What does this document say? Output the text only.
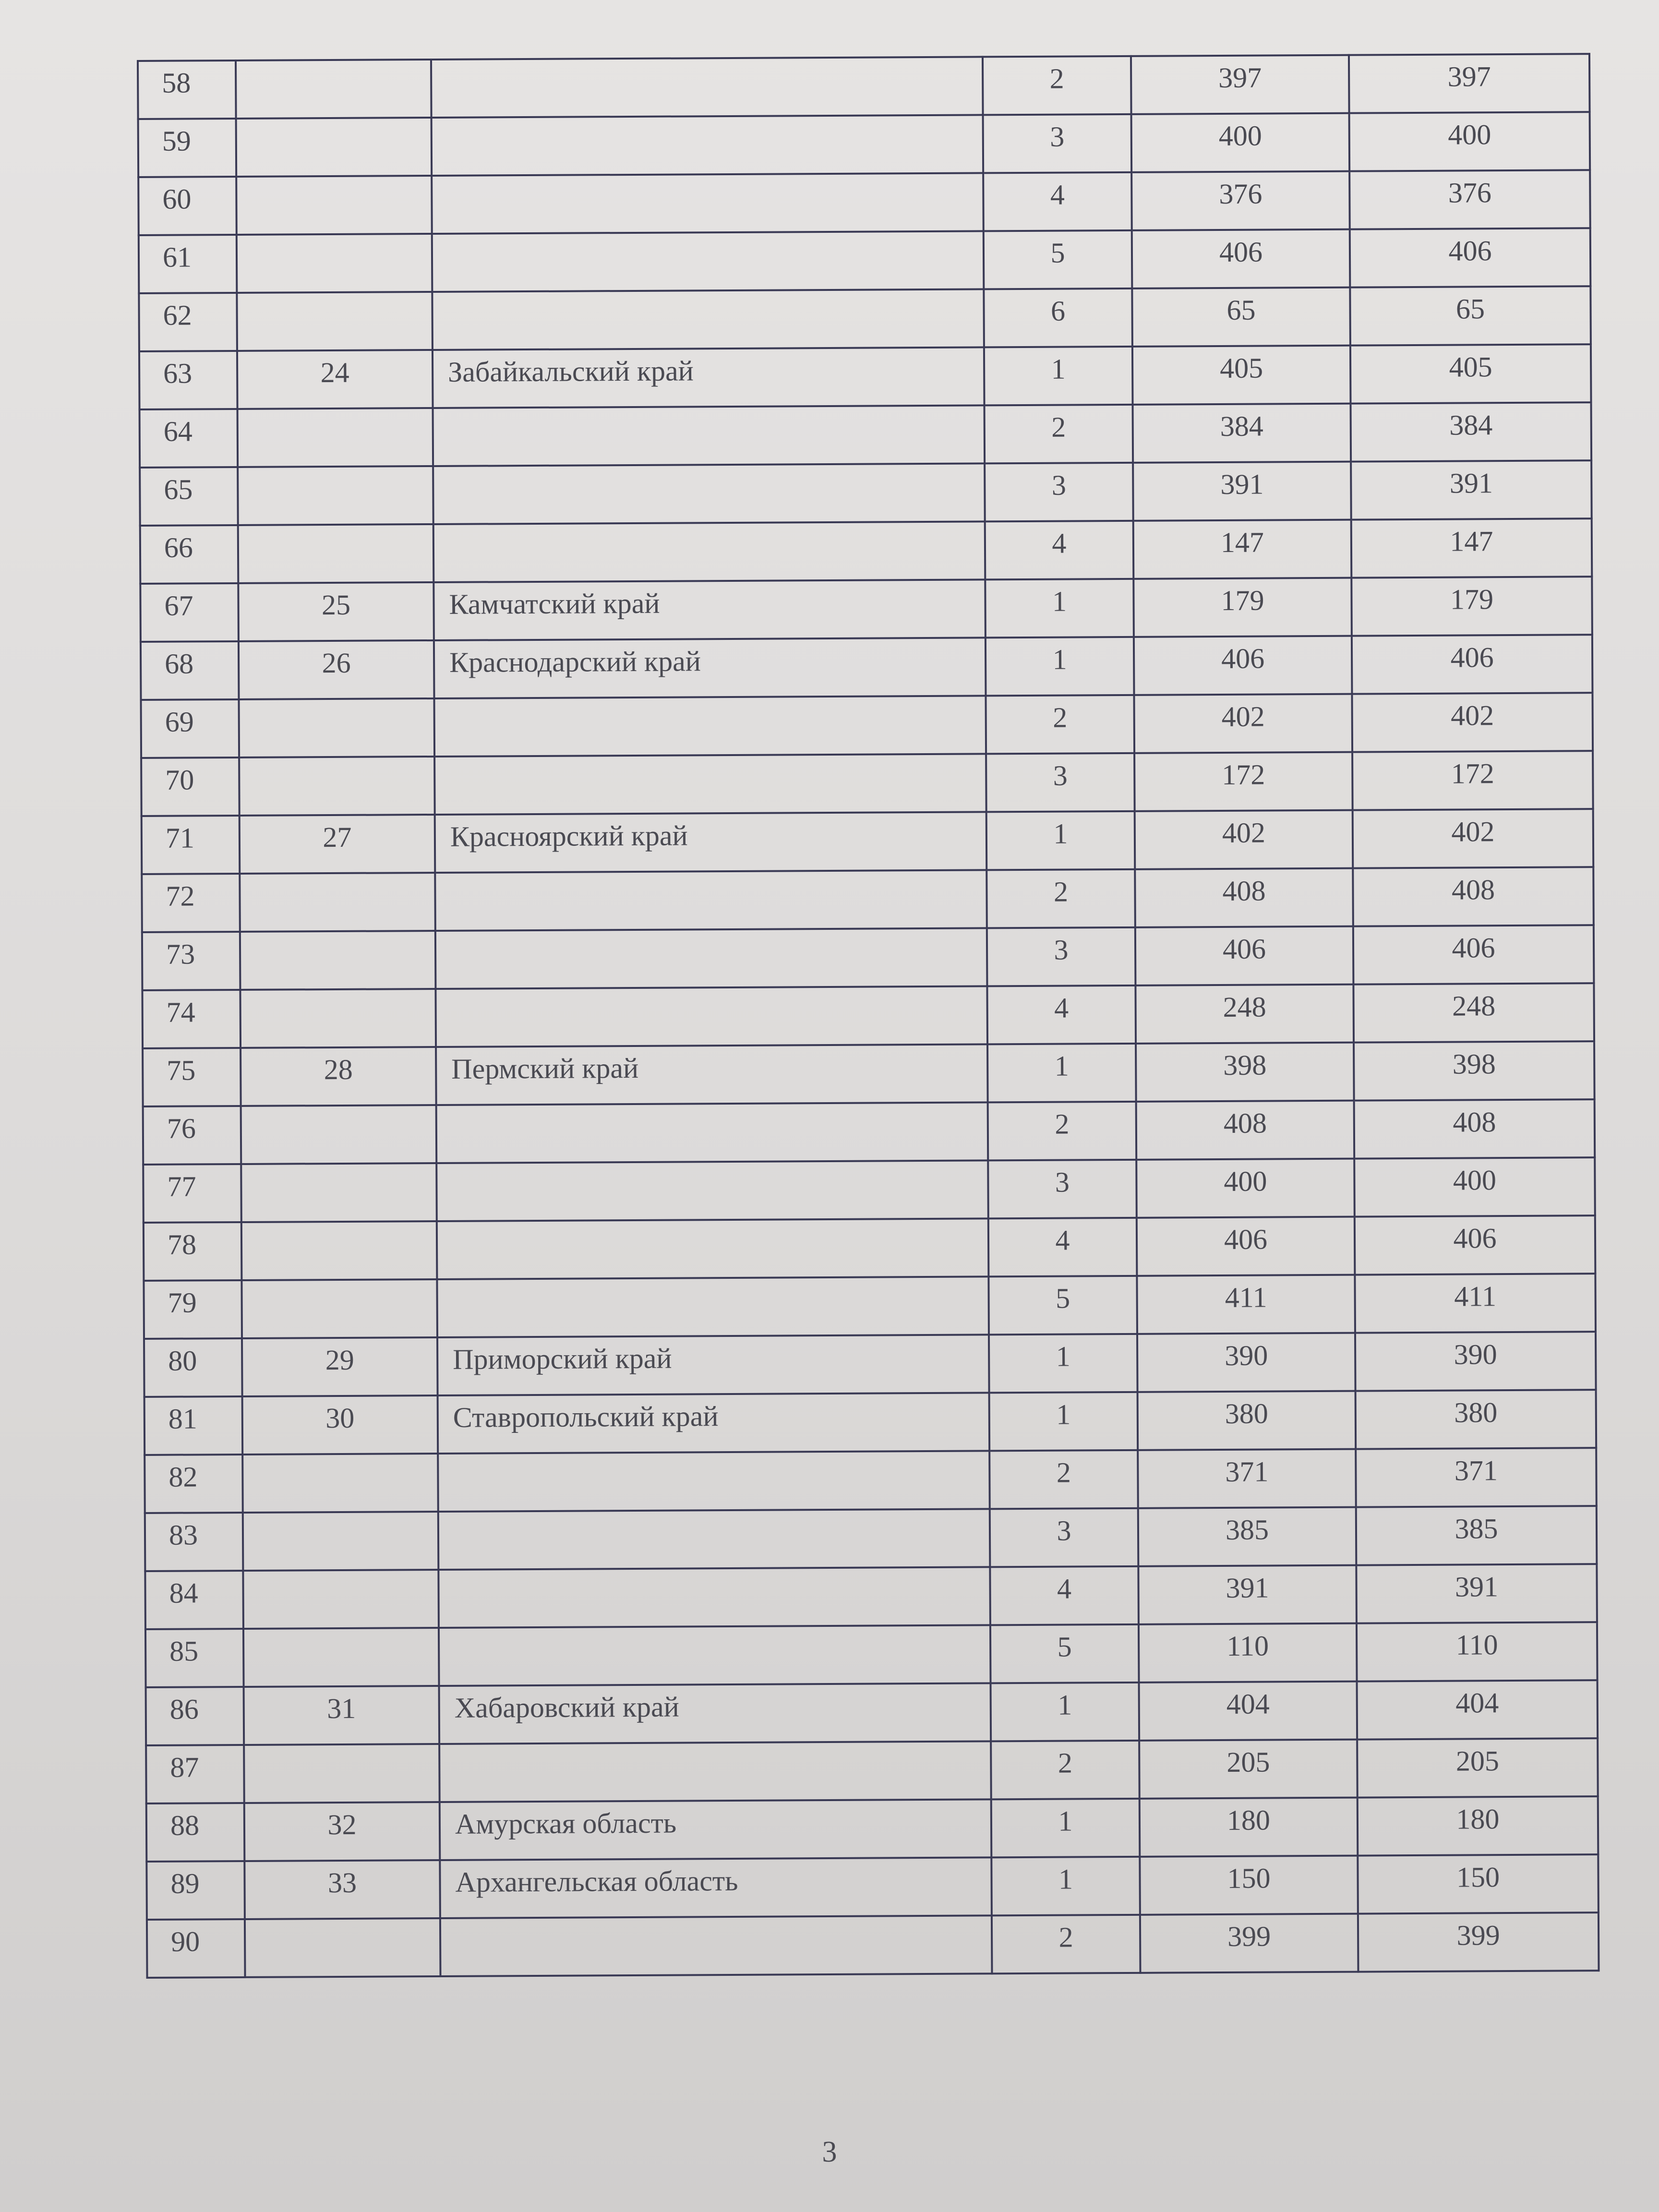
58			2	397	397

59			3	400	400

60			4	376	376

61			5	406	406

62			6	65	65

63	24	Забайкальский край	1	405	405

64			2	384	384

65			3	391	391

66			4	147	147

67	25	Камчатский край	1	179	179

68	26	Краснодарский край	1	406	406

69			2	402	402

70			3	172	172

71	27	Красноярский край	1	402	402

72			2	408	408

73			3	406	406

74			4	248	248

75	28	Пермский край	1	398	398

76			2	408	408

77			3	400	400

78			4	406	406

79			5	411	411

80	29	Приморский край	1	390	390

81	30	Ставропольский край	1	380	380

82			2	371	371

83			3	385	385

84			4	391	391

85			5	110	110

86	31	Хабаровский край	1	404	404

87			2	205	205

88	32	Амурская область	1	180	180

89	33	Архангельская область	1	150	150

90			2	399	399
3
